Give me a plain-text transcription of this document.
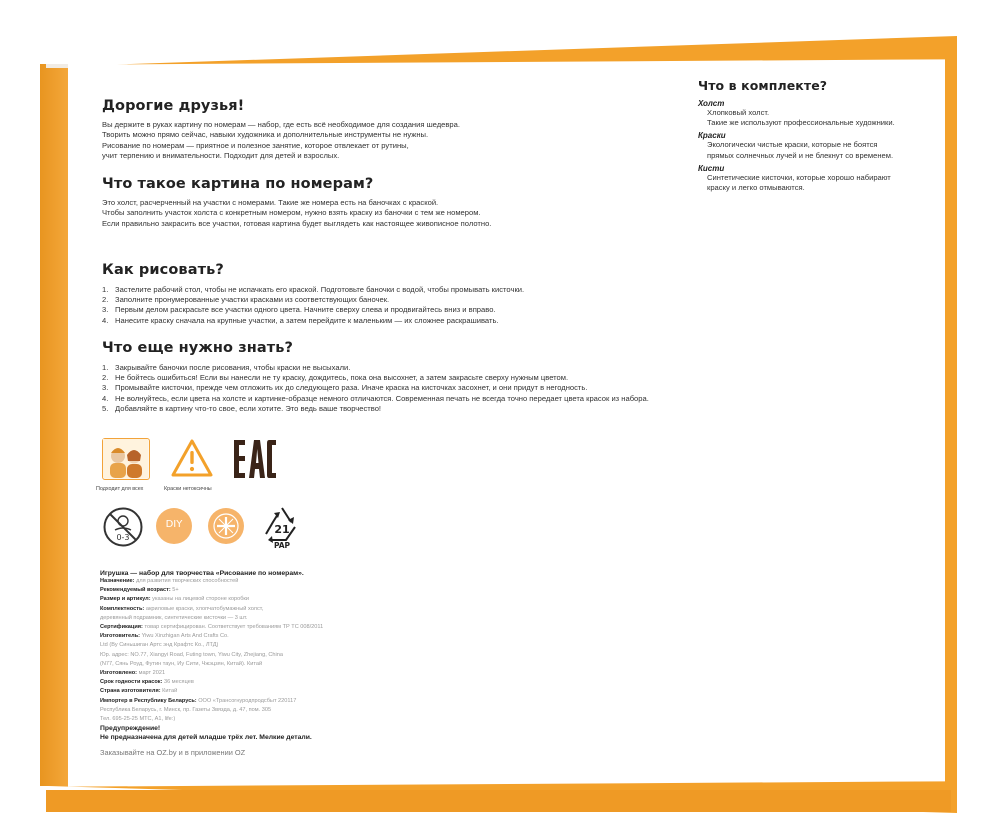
Дорогие друзья!
Вы держите в руках картину по номерам — набор, где есть всё необходимое для создания шедевра.
Творить можно прямо сейчас, навыки художника и дополнительные инструменты не нужны.
Рисование по номерам — приятное и полезное занятие, которое отвлекает от рутины,
учит терпению и внимательности. Подходит для детей и взрослых.
Что такое картина по номерам?
Это холст, расчерченный на участки с номерами. Такие же номера есть на баночках с краской.
Чтобы заполнить участок холста с конкретным номером, нужно взять краску из баночки с тем же номером.
Если правильно закрасить все участки, готовая картина будет выглядеть как настоящее живописное полотно.
Как рисовать?
1. Застелите рабочий стол, чтобы не испачкать его краской. Подготовьте баночки с водой, чтобы промывать кисточки.
2. Заполните пронумерованные участки красками из соответствующих баночек.
3. Первым делом раскрасьте все участки одного цвета. Начните сверху слева и продвигайтесь вниз и вправо.
4. Нанесите краску сначала на крупные участки, а затем перейдите к маленьким — их сложнее раскрашивать.
Что еще нужно знать?
1. Закрывайте баночки после рисования, чтобы краски не высыхали.
2. Не бойтесь ошибиться! Если вы нанесли не ту краску, дождитесь, пока она высохнет, а затем закрасьте сверху нужным цветом.
3. Промывайте кисточки, прежде чем отложить их до следующего раза. Иначе краска на кисточках засохнет, и они придут в негодность.
4. Не волнуйтесь, если цвета на холсте и картинке-образце немного отличаются. Современная печать не всегда точно передает цвета красок из набора.
5. Добавляйте в картину что-то свое, если хотите. Это ведь ваше творчество!
Что в комплекте?
Холст
Хлопковый холст.
Такие же используют профессиональные художники.
Краски
Экологически чистые краски, которые не боятся
прямых солнечных лучей и не блекнут со временем.
Кисти
Синтетические кисточки, которые хорошо набирают
краску и легко отмываются.
Подходит для всех	Краски нетоксичны
0-3
DIY	21
PAP
Игрушка — набор для творчества «Рисование по номерам».
Назначение: для развития творческих способностей
Рекомендуемый возраст: 5+
Размер и артикул: указаны на лицевой стороне коробки
Комплектность: акриловые краски, хлопчатобумажный холст,
деревянный подрамник, синтетические кисточки — 3 шт.
Сертификация: товар сертифицирован. Соответствует требованиям ТР ТС 008/2011
Изготовитель: Yiwu Xinzhigan Arts And Crafts Co.
Ltd (Ву Синьшиган Артс энд Крафтс Ко., ЛТД)
Юр. адрес: NO.77, Xiangyi Road, Futing town, Yiwu City, Zhejiang, China
(N77, Сянь Роуд, Футин таун, Иу Сити, Чжэцзян, Китай). Китай
Изготовлено: март 2021
Срок годности красок: 36 месяцев
Страна изготовителя: Китай
Импортер в Республику Беларусь: ООО «Трансогнуродпродсбыт 220117
Республика Беларусь, г. Минск, пр. Газеты Звязда, д. 47, пом. 305
Тел. 695-25-25 МТС, А1, life:)
Предупреждение!
Не предназначена для детей младше трёх лет. Мелкие детали.
Заказывайте на OZ.by и в приложении OZ
